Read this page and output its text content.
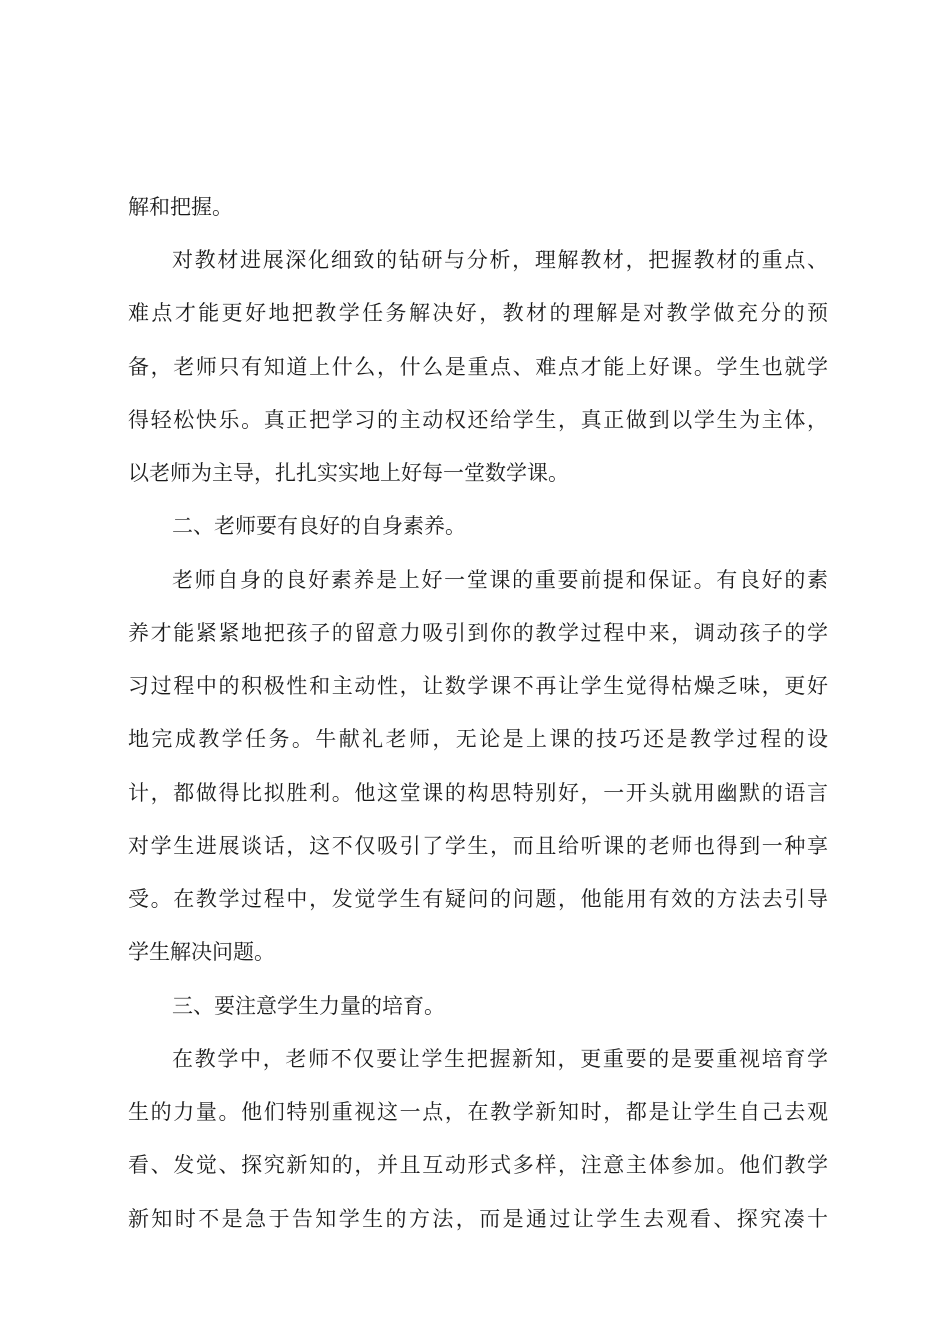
解和把握。
对教材进展深化细致的钻研与分析，理解教材，把握教材的重点、
难点才能更好地把教学任务解决好，教材的理解是对教学做充分的预
备，老师只有知道上什么，什么是重点、难点才能上好课。学生也就学
得轻松快乐。真正把学习的主动权还给学生，真正做到以学生为主体，
以老师为主导，扎扎实实地上好每一堂数学课。
二、老师要有良好的自身素养。
老师自身的良好素养是上好一堂课的重要前提和保证。有良好的素
养才能紧紧地把孩子的留意力吸引到你的教学过程中来，调动孩子的学
习过程中的积极性和主动性，让数学课不再让学生觉得枯燥乏味，更好
地完成教学任务。牛献礼老师，无论是上课的技巧还是教学过程的设
计，都做得比拟胜利。他这堂课的构思特别好，一开头就用幽默的语言
对学生进展谈话，这不仅吸引了学生，而且给听课的老师也得到一种享
受。在教学过程中，发觉学生有疑问的问题，他能用有效的方法去引导
学生解决问题。
三、要注意学生力量的培育。
在教学中，老师不仅要让学生把握新知，更重要的是要重视培育学
生的力量。他们特别重视这一点，在教学新知时，都是让学生自己去观
看、发觉、探究新知的，并且互动形式多样，注意主体参加。他们教学
新知时不是急于告知学生的方法，而是通过让学生去观看、探究凑十
